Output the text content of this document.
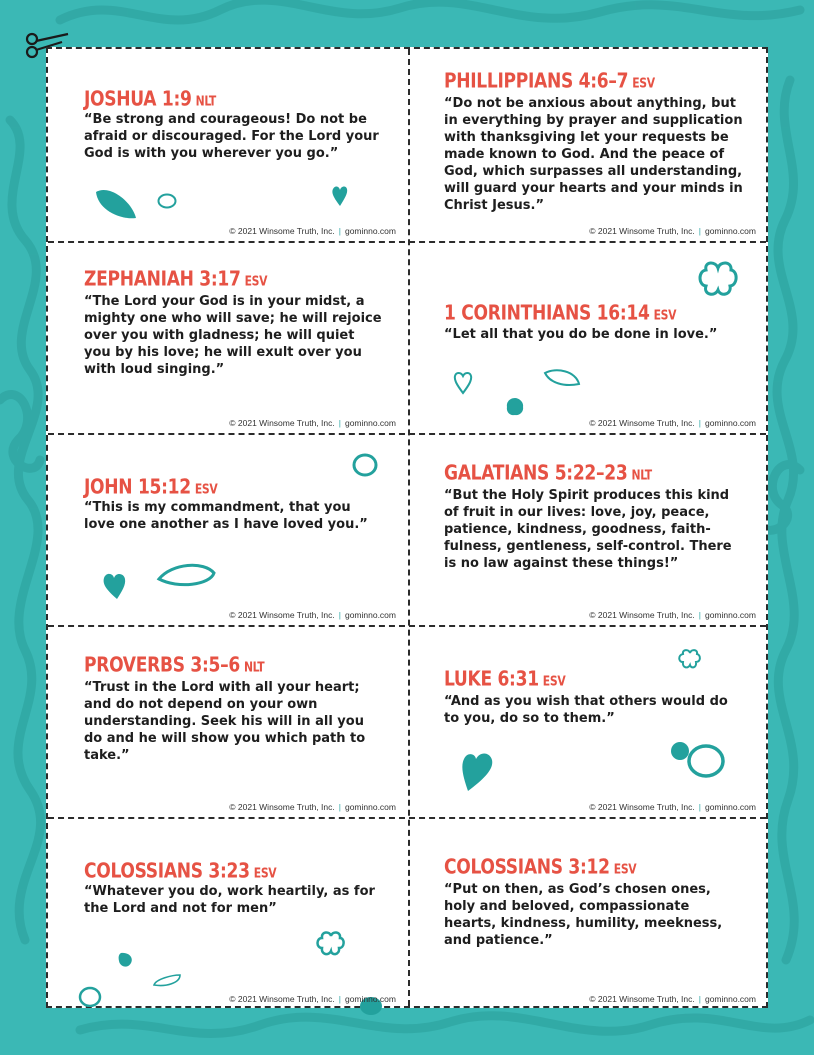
JOSHUA 1:9 NLT
“Be strong and courageous! Do not be afraid or discouraged. For the Lord your God is with you wherever you go.”
© 2021 Winsome Truth, Inc. | gominno.com
PHILLIPPIANS 4:6–7 ESV
“Do not be anxious about anything, but in everything by prayer and supplication with thanksgiving let your requests be made known to God. And the peace of God, which surpasses all understanding, will guard your hearts and your minds in Christ Jesus.”
© 2021 Winsome Truth, Inc. | gominno.com
ZEPHANIAH 3:17 ESV
“The Lord your God is in your midst, a mighty one who will save; he will rejoice over you with gladness; he will quiet you by his love; he will exult over you with loud singing.”
© 2021 Winsome Truth, Inc. | gominno.com
1 CORINTHIANS 16:14 ESV
“Let all that you do be done in love.”
© 2021 Winsome Truth, Inc. | gominno.com
JOHN 15:12 ESV
“This is my commandment, that you love one another as I have loved you.”
© 2021 Winsome Truth, Inc. | gominno.com
GALATIANS 5:22–23 NLT
“But the Holy Spirit produces this kind of fruit in our lives: love, joy, peace, patience, kindness, goodness, faithfulness, gentleness, self-control. There is no law against these things!”
© 2021 Winsome Truth, Inc. | gominno.com
PROVERBS 3:5–6 NLT
“Trust in the Lord with all your heart; and do not depend on your own understanding. Seek his will in all you do and he will show you which path to take.”
© 2021 Winsome Truth, Inc. | gominno.com
LUKE 6:31 ESV
“And as you wish that others would do to you, do so to them.”
© 2021 Winsome Truth, Inc. | gominno.com
COLOSSIANS 3:23 ESV
“Whatever you do, work heartily, as for the Lord and not for men”
© 2021 Winsome Truth, Inc. | gominno.com
COLOSSIANS 3:12 ESV
“Put on then, as God’s chosen ones, holy and beloved, compassionate hearts, kindness, humility, meekness, and patience.”
© 2021 Winsome Truth, Inc. | gominno.com
